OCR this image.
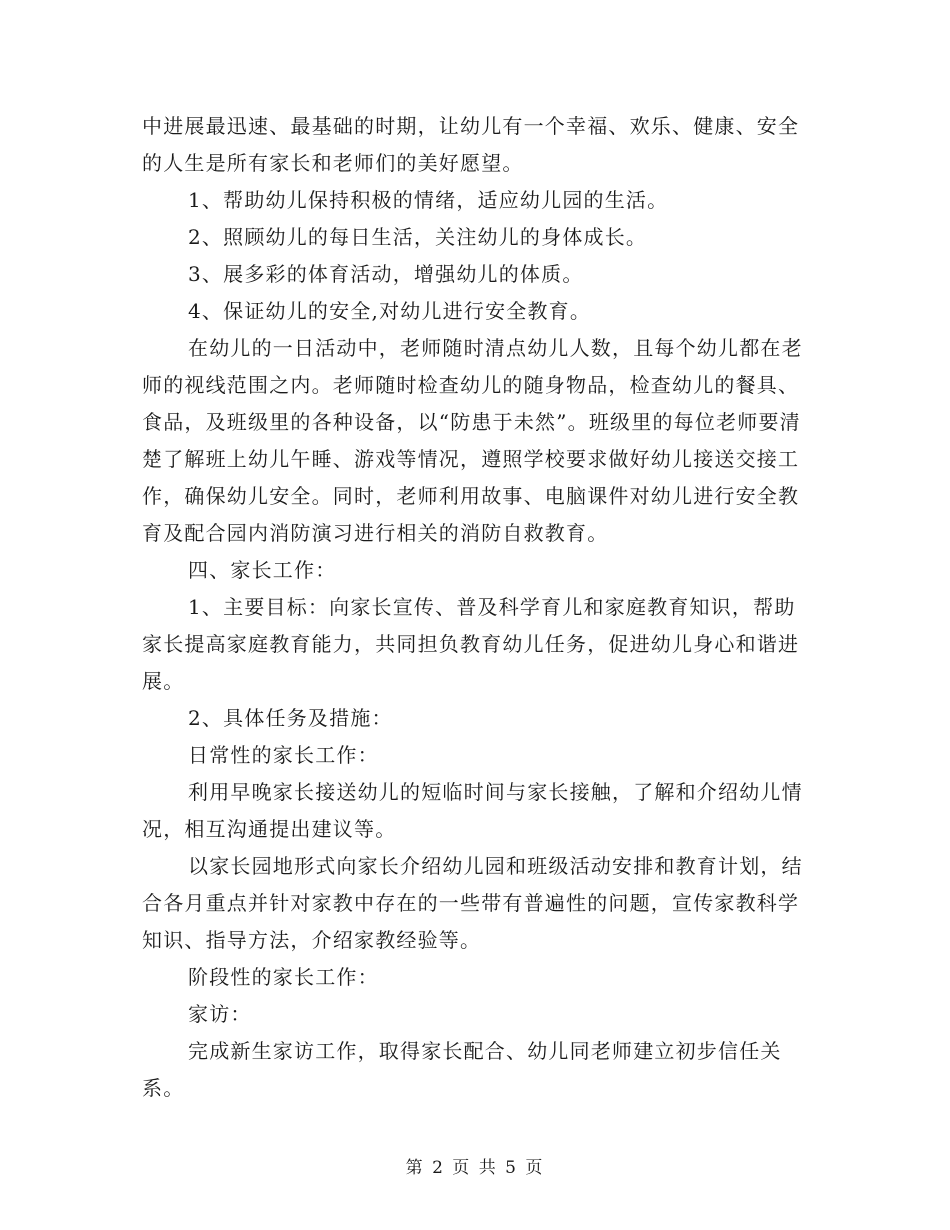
中进展最迅速、最基础的时期，让幼儿有一个幸福、欢乐、健康、安全的人生是所有家长和老师们的美好愿望。

1、帮助幼儿保持积极的情绪，适应幼儿园的生活。

2、照顾幼儿的每日生活，关注幼儿的身体成长。

3、展多彩的体育活动，增强幼儿的体质。

4、保证幼儿的安全,对幼儿进行安全教育。

在幼儿的一日活动中，老师随时清点幼儿人数，且每个幼儿都在老师的视线范围之内。老师随时检查幼儿的随身物品，检查幼儿的餐具、食品，及班级里的各种设备，以“防患于未然”。班级里的每位老师要清楚了解班上幼儿午睡、游戏等情况，遵照学校要求做好幼儿接送交接工作，确保幼儿安全。同时，老师利用故事、电脑课件对幼儿进行安全教育及配合园内消防演习进行相关的消防自救教育。

四、家长工作：

1、主要目标：向家长宣传、普及科学育儿和家庭教育知识，帮助家长提高家庭教育能力，共同担负教育幼儿任务，促进幼儿身心和谐进展。

2、具体任务及措施：

日常性的家长工作：

利用早晚家长接送幼儿的短临时间与家长接触，了解和介绍幼儿情况，相互沟通提出建议等。

以家长园地形式向家长介绍幼儿园和班级活动安排和教育计划，结合各月重点并针对家教中存在的一些带有普遍性的问题，宣传家教科学知识、指导方法，介绍家教经验等。

阶段性的家长工作：

家访：

完成新生家访工作，取得家长配合、幼儿同老师建立初步信任关系。

第 2 页 共 5 页
